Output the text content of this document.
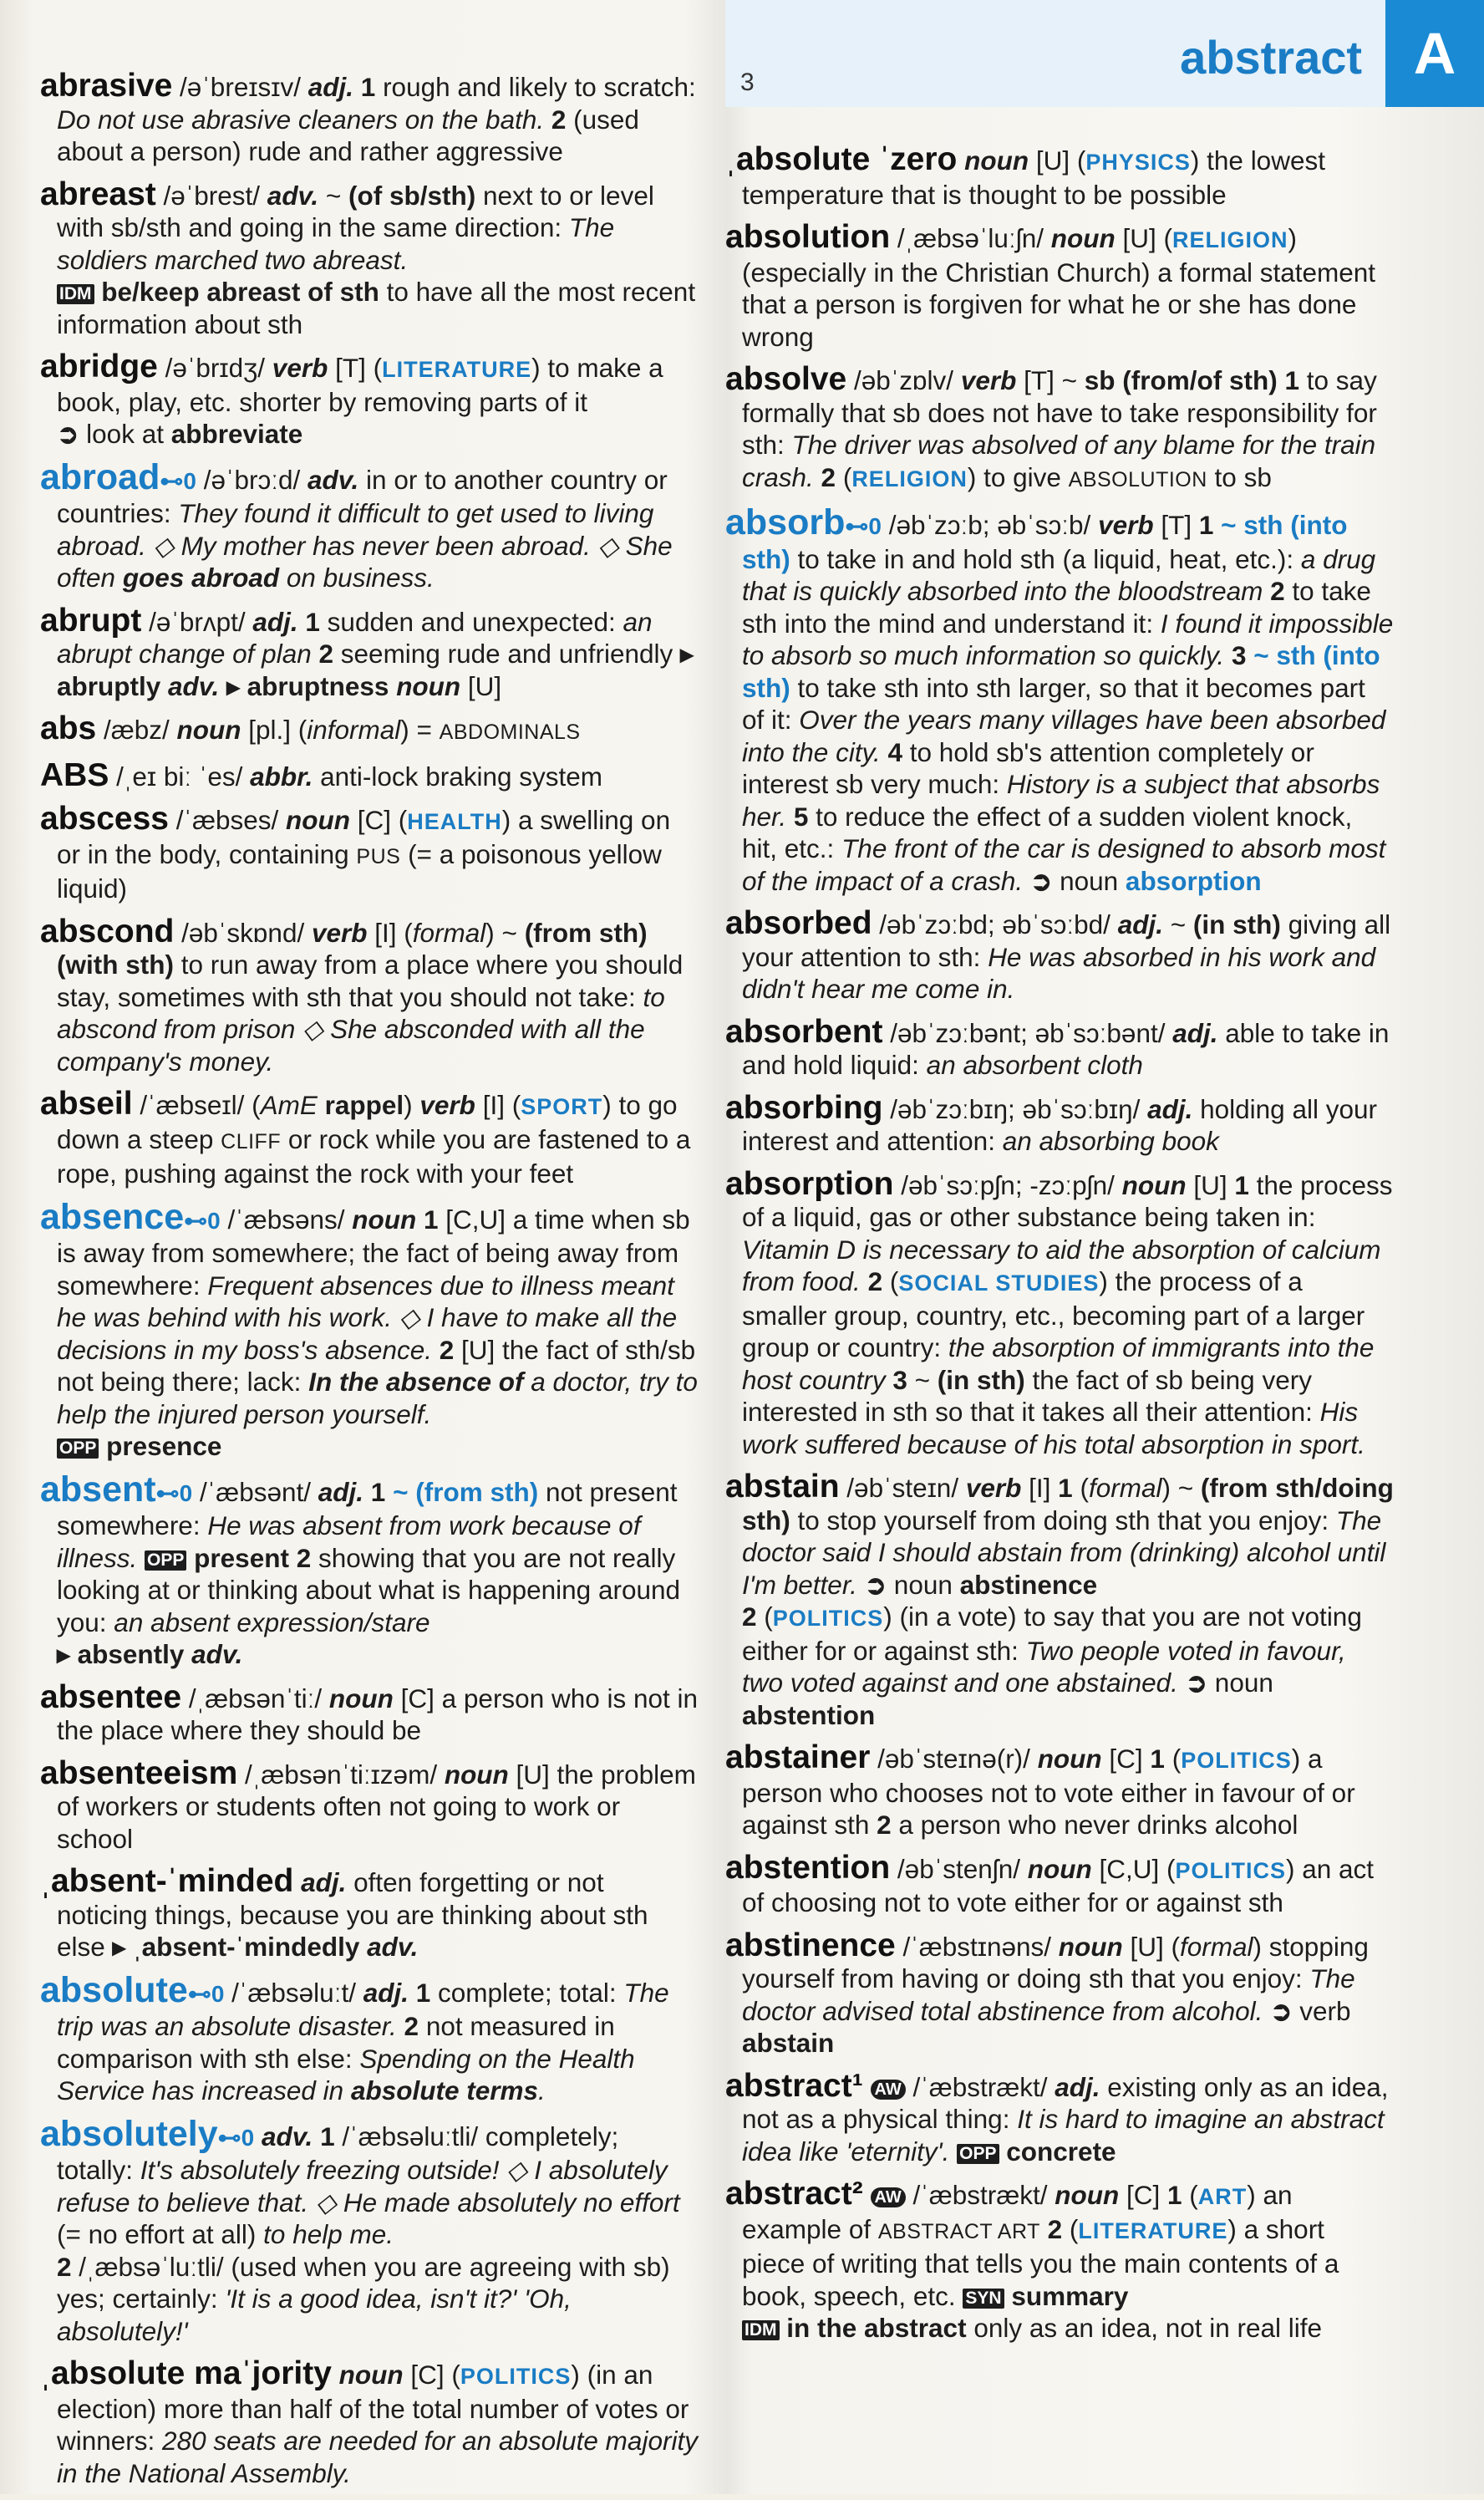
abstract A
3
abrasive /əˈbreɪsɪv/ adj. 1 rough and likely to scratch: Do not use abrasive cleaners on the bath. 2 (used about a person) rude and rather aggressive
abreast /əˈbrest/ adv. ~ (of sb/sth) next to or level with sb/sth and going in the same direction: The soldiers marched two abreast.
IDM be/keep abreast of sth to have all the most recent information about sth
abridge /əˈbrɪdʒ/ verb [T] (LITERATURE) to make a book, play, etc. shorter by removing parts of it
➲ look at abbreviate
abroad⊷0 /əˈbrɔːd/ adv. in or to another country or countries: They found it difficult to get used to living abroad. ◇ My mother has never been abroad. ◇ She often goes abroad on business.
abrupt /əˈbrʌpt/ adj. 1 sudden and unexpected: an abrupt change of plan 2 seeming rude and unfriendly ▸ abruptly adv. ▸ abruptness noun [U]
abs /æbz/ noun [pl.] (informal) = ABDOMINALS
ABS /ˌeɪ biː ˈes/ abbr. anti-lock braking system
abscess /ˈæbses/ noun [C] (HEALTH) a swelling on or in the body, containing PUS (= a poisonous yellow liquid)
abscond /əbˈskɒnd/ verb [I] (formal) ~ (from sth) (with sth) to run away from a place where you should stay, sometimes with sth that you should not take: to abscond from prison ◇ She absconded with all the company's money.
abseil /ˈæbseɪl/ (AmE rappel) verb [I] (SPORT) to go down a steep CLIFF or rock while you are fastened to a rope, pushing against the rock with your feet
absence⊷0 /ˈæbsəns/ noun 1 [C,U] a time when sb is away from somewhere; the fact of being away from somewhere: Frequent absences due to illness meant he was behind with his work. ◇ I have to make all the decisions in my boss's absence. 2 [U] the fact of sth/sb not being there; lack: In the absence of a doctor, try to help the injured person yourself.
OPP presence
absent⊷0 /ˈæbsənt/ adj. 1 ~ (from sth) not present somewhere: He was absent from work because of illness. OPP present 2 showing that you are not really looking at or thinking about what is happening around you: an absent expression/stare
▸ absently adv.
absentee /ˌæbsənˈtiː/ noun [C] a person who is not in the place where they should be
absenteeism /ˌæbsənˈtiːɪzəm/ noun [U] the problem of workers or students often not going to work or school
ˌabsent-ˈminded adj. often forgetting or not noticing things, because you are thinking about sth else ▸ ˌabsent-ˈmindedly adv.
absolute⊷0 /ˈæbsəluːt/ adj. 1 complete; total: The trip was an absolute disaster. 2 not measured in comparison with sth else: Spending on the Health Service has increased in absolute terms.
absolutely⊷0 adv. 1 /ˈæbsəluːtli/ completely; totally: It's absolutely freezing outside! ◇ I absolutely refuse to believe that. ◇ He made absolutely no effort (= no effort at all) to help me.
2 /ˌæbsəˈluːtli/ (used when you are agreeing with sb) yes; certainly: 'It is a good idea, isn't it?' 'Oh, absolutely!'
ˌabsolute maˈjority noun [C] (POLITICS) (in an election) more than half of the total number of votes or winners: 280 seats are needed for an absolute majority in the National Assembly.
ˌabsolute ˈzero noun [U] (PHYSICS) the lowest temperature that is thought to be possible
absolution /ˌæbsəˈluːʃn/ noun [U] (RELIGION) (especially in the Christian Church) a formal statement that a person is forgiven for what he or she has done wrong
absolve /əbˈzɒlv/ verb [T] ~ sb (from/of sth) 1 to say formally that sb does not have to take responsibility for sth: The driver was absolved of any blame for the train crash. 2 (RELIGION) to give ABSOLUTION to sb
absorb⊷0 /əbˈzɔːb; əbˈsɔːb/ verb [T] 1 ~ sth (into sth) to take in and hold sth (a liquid, heat, etc.): a drug that is quickly absorbed into the bloodstream 2 to take sth into the mind and understand it: I found it impossible to absorb so much information so quickly. 3 ~ sth (into sth) to take sth into sth larger, so that it becomes part of it: Over the years many villages have been absorbed into the city. 4 to hold sb's attention completely or interest sb very much: History is a subject that absorbs her. 5 to reduce the effect of a sudden violent knock, hit, etc.: The front of the car is designed to absorb most of the impact of a crash. ➲ noun absorption
absorbed /əbˈzɔːbd; əbˈsɔːbd/ adj. ~ (in sth) giving all your attention to sth: He was absorbed in his work and didn't hear me come in.
absorbent /əbˈzɔːbənt; əbˈsɔːbənt/ adj. able to take in and hold liquid: an absorbent cloth
absorbing /əbˈzɔːbɪŋ; əbˈsɔːbɪŋ/ adj. holding all your interest and attention: an absorbing book
absorption /əbˈsɔːpʃn; -zɔːpʃn/ noun [U] 1 the process of a liquid, gas or other substance being taken in: Vitamin D is necessary to aid the absorption of calcium from food. 2 (SOCIAL STUDIES) the process of a smaller group, country, etc., becoming part of a larger group or country: the absorption of immigrants into the host country 3 ~ (in sth) the fact of sb being very interested in sth so that it takes all their attention: His work suffered because of his total absorption in sport.
abstain /əbˈsteɪn/ verb [I] 1 (formal) ~ (from sth/doing sth) to stop yourself from doing sth that you enjoy: The doctor said I should abstain from (drinking) alcohol until I'm better. ➲ noun abstinence
2 (POLITICS) (in a vote) to say that you are not voting either for or against sth: Two people voted in favour, two voted against and one abstained. ➲ noun abstention
abstainer /əbˈsteɪnə(r)/ noun [C] 1 (POLITICS) a person who chooses not to vote either in favour of or against sth 2 a person who never drinks alcohol
abstention /əbˈstenʃn/ noun [C,U] (POLITICS) an act of choosing not to vote either for or against sth
abstinence /ˈæbstɪnəns/ noun [U] (formal) stopping yourself from having or doing sth that you enjoy: The doctor advised total abstinence from alcohol. ➲ verb abstain
abstract¹ AW /ˈæbstrækt/ adj. existing only as an idea, not as a physical thing: It is hard to imagine an abstract idea like 'eternity'. OPP concrete
abstract² AW /ˈæbstrækt/ noun [C] 1 (ART) an example of ABSTRACT ART 2 (LITERATURE) a short piece of writing that tells you the main contents of a book, speech, etc. SYN summary
IDM in the abstract only as an idea, not in real life
